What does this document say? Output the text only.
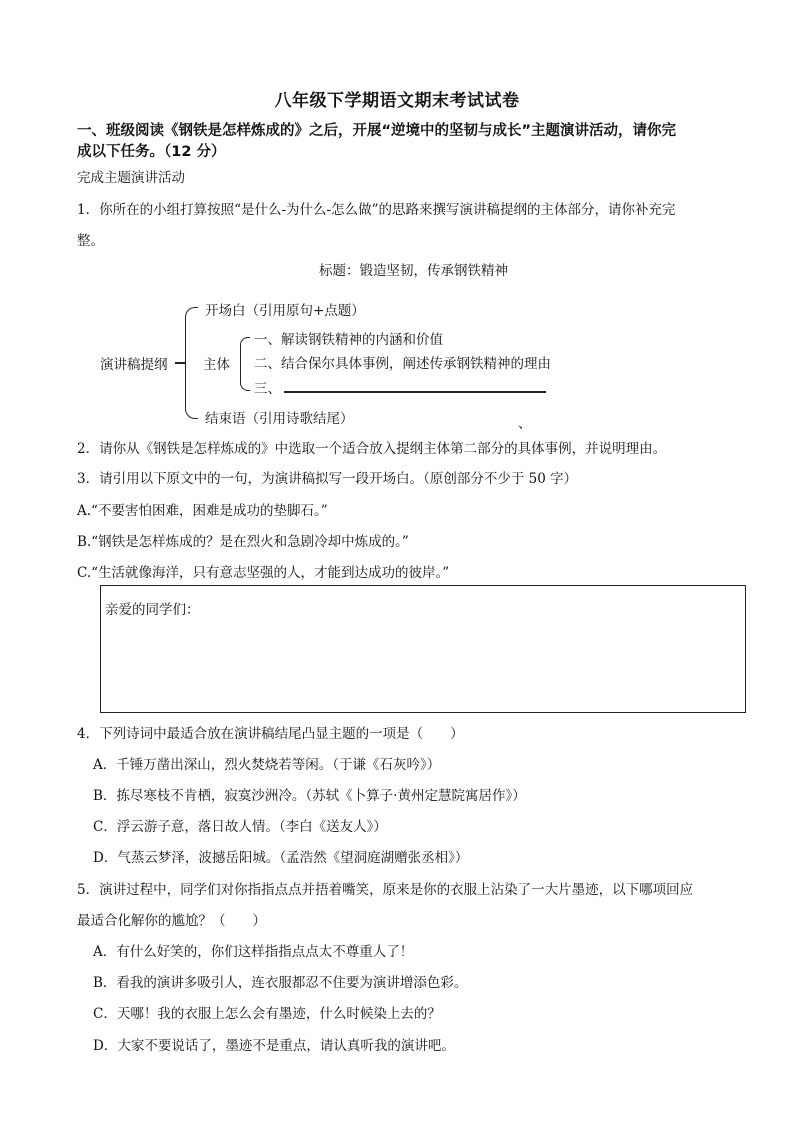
八年级下学期语文期末考试试卷
一、班级阅读《钢铁是怎样炼成的》之后，开展“逆境中的坚韧与成长”主题演讲活动，请你完
成以下任务。（12 分）
完成主题演讲活动
1．你所在的小组打算按照“是什么-为什么-怎么做”的思路来撰写演讲稿提纲的主体部分，请你补充完
整。
标题：锻造坚韧，传承钢铁精神
演讲稿提纲
开场白（引用原句+点题）
主体
一、解读钢铁精神的内涵和价值
二、结合保尔具体事例，阐述传承钢铁精神的理由
三、
结束语（引用诗歌结尾）	、
2．请你从《钢铁是怎样炼成的》中选取一个适合放入提纲主体第二部分的具体事例，并说明理由。
3．请引用以下原文中的一句，为演讲稿拟写一段开场白。（原创部分不少于 50 字）
A.“不要害怕困难，困难是成功的垫脚石。”
B.“钢铁是怎样炼成的？是在烈火和急剧冷却中炼成的。”
C.“生活就像海洋，只有意志坚强的人，才能到达成功的彼岸。”
亲爱的同学们：
4．下列诗词中最适合放在演讲稿结尾凸显主题的一项是（　　）
A．千锤万凿出深山，烈火焚烧若等闲。（于谦《石灰吟》）
B．拣尽寒枝不肯栖，寂寞沙洲冷。（苏轼《卜算子·黄州定慧院寓居作》）
C．浮云游子意，落日故人情。（李白《送友人》）
D．气蒸云梦泽，波撼岳阳城。（孟浩然《望洞庭湖赠张丞相》）
5．演讲过程中，同学们对你指指点点并捂着嘴笑，原来是你的衣服上沾染了一大片墨迹，以下哪项回应
最适合化解你的尴尬？（　　）
A．有什么好笑的，你们这样指指点点太不尊重人了！
B．看我的演讲多吸引人，连衣服都忍不住要为演讲增添色彩。
C．天哪！我的衣服上怎么会有墨迹，什么时候染上去的？
D．大家不要说话了，墨迹不是重点，请认真听我的演讲吧。
